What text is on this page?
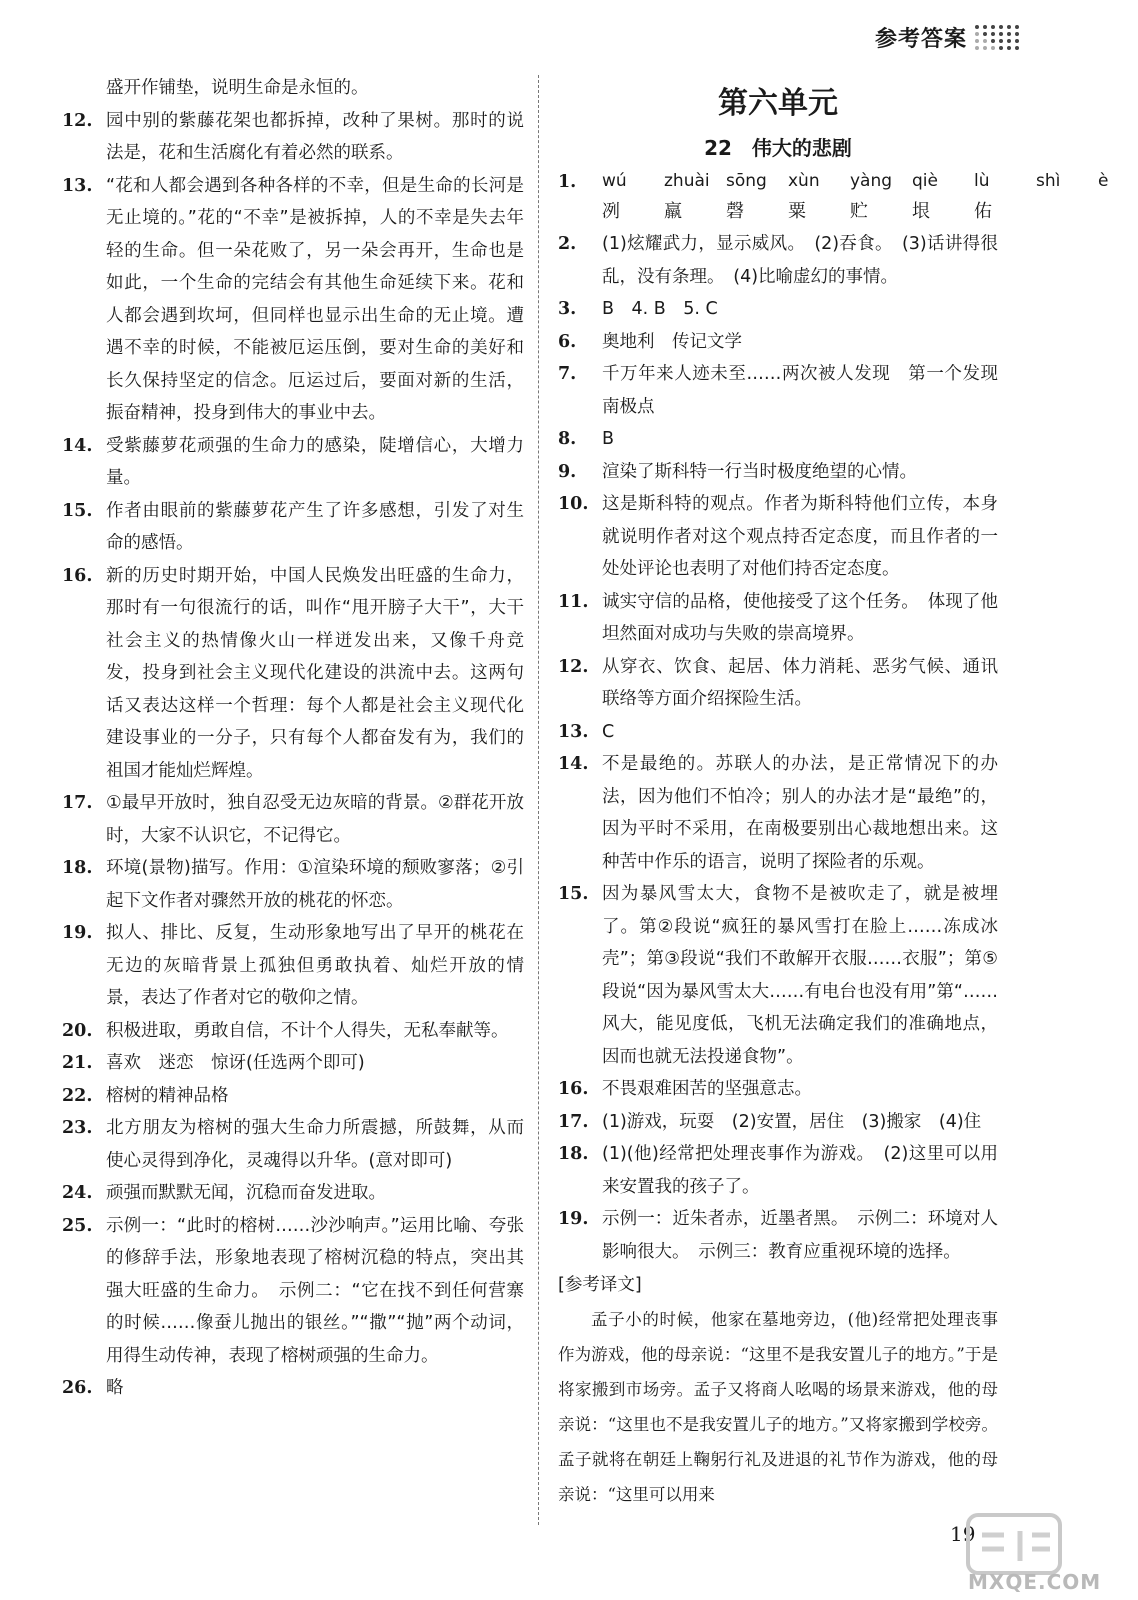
参考答案
盛开作铺垫，说明生命是永恒的。
12. 园中别的紫藤花架也都拆掉，改种了果树。那时的说法是，花和生活腐化有着必然的联系。
13. “花和人都会遇到各种各样的不幸，但是生命的长河是无止境的。”花的“不幸”是被拆掉，人的不幸是失去年轻的生命。但一朵花败了，另一朵会再开，生命也是如此，一个生命的完结会有其他生命延续下来。花和人都会遇到坎坷，但同样也显示出生命的无止境。遭遇不幸的时候，不能被厄运压倒，要对生命的美好和长久保持坚定的信念。厄运过后，要面对新的生活，振奋精神，投身到伟大的事业中去。
14. 受紫藤萝花顽强的生命力的感染，陡增信心，大增力量。
15. 作者由眼前的紫藤萝花产生了许多感想，引发了对生命的感悟。
16. 新的历史时期开始，中国人民焕发出旺盛的生命力，那时有一句很流行的话，叫作“甩开膀子大干”，大干社会主义的热情像火山一样迸发出来，又像千舟竞发，投身到社会主义现代化建设的洪流中去。这两句话又表达这样一个哲理：每个人都是社会主义现代化建设事业的一分子，只有每个人都奋发有为，我们的祖国才能灿烂辉煌。
17. ①最早开放时，独自忍受无边灰暗的背景。②群花开放时，大家不认识它，不记得它。
18. 环境(景物)描写。作用：①渲染环境的颓败寥落；②引起下文作者对骤然开放的桃花的怀恋。
19. 拟人、排比、反复，生动形象地写出了早开的桃花在无边的灰暗背景上孤独但勇敢执着、灿烂开放的情景，表达了作者对它的敬仰之情。
20. 积极进取，勇敢自信，不计个人得失，无私奉献等。
21. 喜欢　迷恋　惊讶(任选两个即可)
22. 榕树的精神品格
23. 北方朋友为榕树的强大生命力所震撼，所鼓舞，从而使心灵得到净化，灵魂得以升华。(意对即可)
24. 顽强而默默无闻，沉稳而奋发进取。
25. 示例一：“此时的榕树……沙沙响声。”运用比喻、夸张的修辞手法，形象地表现了榕树沉稳的特点，突出其强大旺盛的生命力。　示例二：“它在找不到任何营寨的时候……像蚕儿抛出的银丝。”“撒”“抛”两个动词，用得生动传神，表现了榕树顽强的生命力。
26. 略
第六单元
22　伟大的悲剧
1.	wú	zhuài sōng xùn	yàng qiè	lù	shì	è
冽	羸	磬	粟	贮	垠	佑
2.	(1)炫耀武力，显示威风。　(2)吞食。　(3)话讲得很乱，没有条理。　(4)比喻虚幻的事情。
3.	B　4. B　5. C
6.	奥地利　传记文学
7.	千万年来人迹未至……两次被人发现　第一个发现南极点
8.	B
9.	渲染了斯科特一行当时极度绝望的心情。
10. 这是斯科特的观点。作者为斯科特他们立传，本身就说明作者对这个观点持否定态度，而且作者的一处处评论也表明了对他们持否定态度。
11. 诚实守信的品格，使他接受了这个任务。　体现了他坦然面对成功与失败的崇高境界。
12. 从穿衣、饮食、起居、体力消耗、恶劣气候、通讯联络等方面介绍探险生活。
13. C
14. 不是最绝的。苏联人的办法，是正常情况下的办法，因为他们不怕冷；别人的办法才是“最绝”的，因为平时不采用，在南极要别出心裁地想出来。这种苦中作乐的语言，说明了探险者的乐观。
15. 因为暴风雪太大，食物不是被吹走了，就是被埋了。第②段说“疯狂的暴风雪打在脸上……冻成冰壳”；第③段说“我们不敢解开衣服……衣服”；第⑤段说“因为暴风雪太大……有电台也没有用”第“……风大，能见度低，飞机无法确定我们的准确地点，因而也就无法投递食物”。
16. 不畏艰难困苦的坚强意志。
17. (1)游戏，玩耍　(2)安置，居住　(3)搬家　(4)住
18. (1)(他)经常把处理丧事作为游戏。　(2)这里可以用来安置我的孩子了。
19. 示例一：近朱者赤，近墨者黑。　示例二：环境对人影响很大。　示例三：教育应重视环境的选择。
[参考译文]
孟子小的时候，他家在墓地旁边，(他)经常把处理丧事作为游戏，他的母亲说：“这里不是我安置儿子的地方。”于是将家搬到市场旁。孟子又将商人吆喝的场景来游戏，他的母亲说：“这里也不是我安置儿子的地方。”又将家搬到学校旁。孟子就将在朝廷上鞠躬行礼及进退的礼节作为游戏，他的母亲说：“这里可以用来
19
MXQE.COM
